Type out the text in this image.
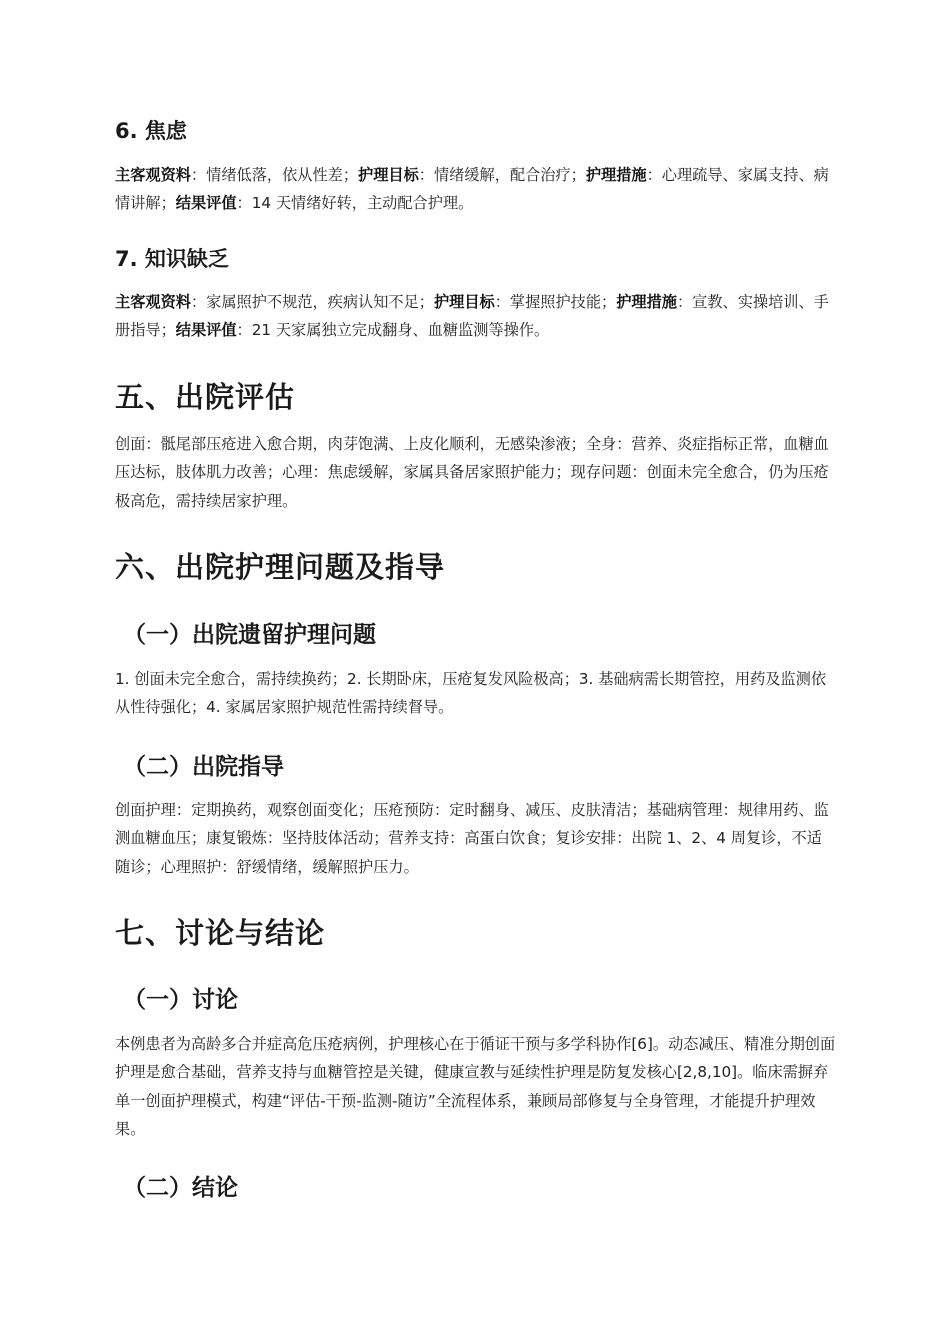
6. 焦虑

主客观资料：情绪低落，依从性差；护理目标：情绪缓解，配合治疗；护理措施：心理疏导、家属支持、病情讲解；结果评值：14 天情绪好转，主动配合护理。

7. 知识缺乏

主客观资料：家属照护不规范，疾病认知不足；护理目标：掌握照护技能；护理措施：宣教、实操培训、手册指导；结果评值：21 天家属独立完成翻身、血糖监测等操作。

五、出院评估

创面：骶尾部压疮进入愈合期，肉芽饱满、上皮化顺利，无感染渗液；全身：营养、炎症指标正常，血糖血压达标，肢体肌力改善；心理：焦虑缓解，家属具备居家照护能力；现存问题：创面未完全愈合，仍为压疮极高危，需持续居家护理。

六、出院护理问题及指导
（一）出院遗留护理问题

1. 创面未完全愈合，需持续换药；2. 长期卧床，压疮复发风险极高；3. 基础病需长期管控，用药及监测依从性待强化；4. 家属居家照护规范性需持续督导。

（二）出院指导

创面护理：定期换药，观察创面变化；压疮预防：定时翻身、减压、皮肤清洁；基础病管理：规律用药、监测血糖血压；康复锻炼：坚持肢体活动；营养支持：高蛋白饮食；复诊安排：出院 1、2、4 周复诊，不适随诊；心理照护：舒缓情绪，缓解照护压力。

七、讨论与结论
（一）讨论

本例患者为高龄多合并症高危压疮病例，护理核心在于循证干预与多学科协作[6]。动态减压、精准分期创面护理是愈合基础，营养支持与血糖管控是关键，健康宣教与延续性护理是防复发核心[2,8,10]。临床需摒弃单一创面护理模式，构建“评估-干预-监测-随访”全流程体系，兼顾局部修复与全身管理，才能提升护理效果。

（二）结论
